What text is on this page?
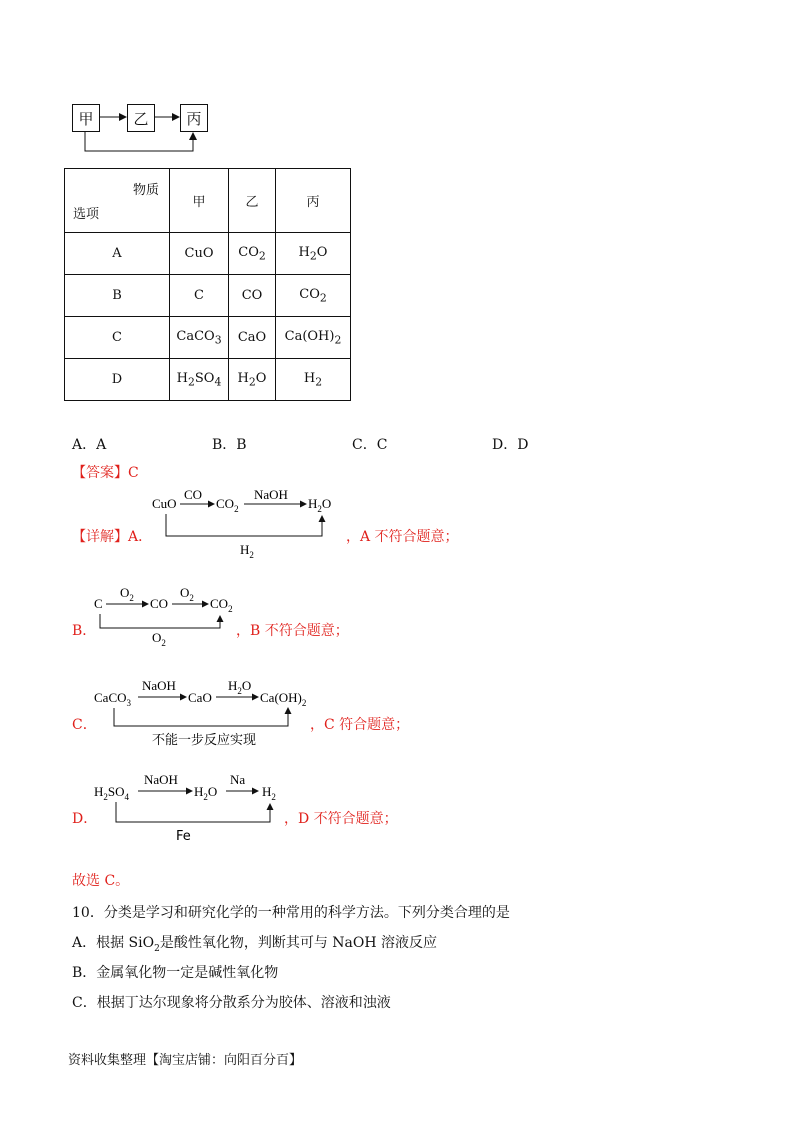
甲	乙	丙
物质
选项	甲	乙	丙
A	CuO	$CO_2$	$H_2O$
B	C	CO	$CO_2$
C	CaCO$_3$	CaO	$Ca(OH)_2$
D	$H_2SO_4$	$H_2O$	$H_2$
A．A	B．B	C．C	D．D
【答案】C
【详解】A．
CuO
CO
$CO_2$
NaOH
$H_2O$
$H_2$
，A 不符合题意；
B．
C
$O_2$ CO
$O_2$ $CO_2$
$O_2$
，B 不符合题意；
C．
CaCO$_3$
NaOH
CaO
$H_2O$
$Ca(OH)_2$
不能一步反应实现
，C 符合题意；
D．
$H_2SO_4$
NaOH
$H_2O$
Na
$H_2$
Fe
，D 不符合题意；
故选 C。
10．分类是学习和研究化学的一种常用的科学方法。下列分类合理的是
A．根据 SiO$_2$是酸性氧化物，判断其可与 NaOH 溶液反应
B．金属氧化物一定是碱性氧化物
C．根据丁达尔现象将分散系分为胶体、溶液和浊液
资料收集整理【淘宝店铺：向阳百分百】
